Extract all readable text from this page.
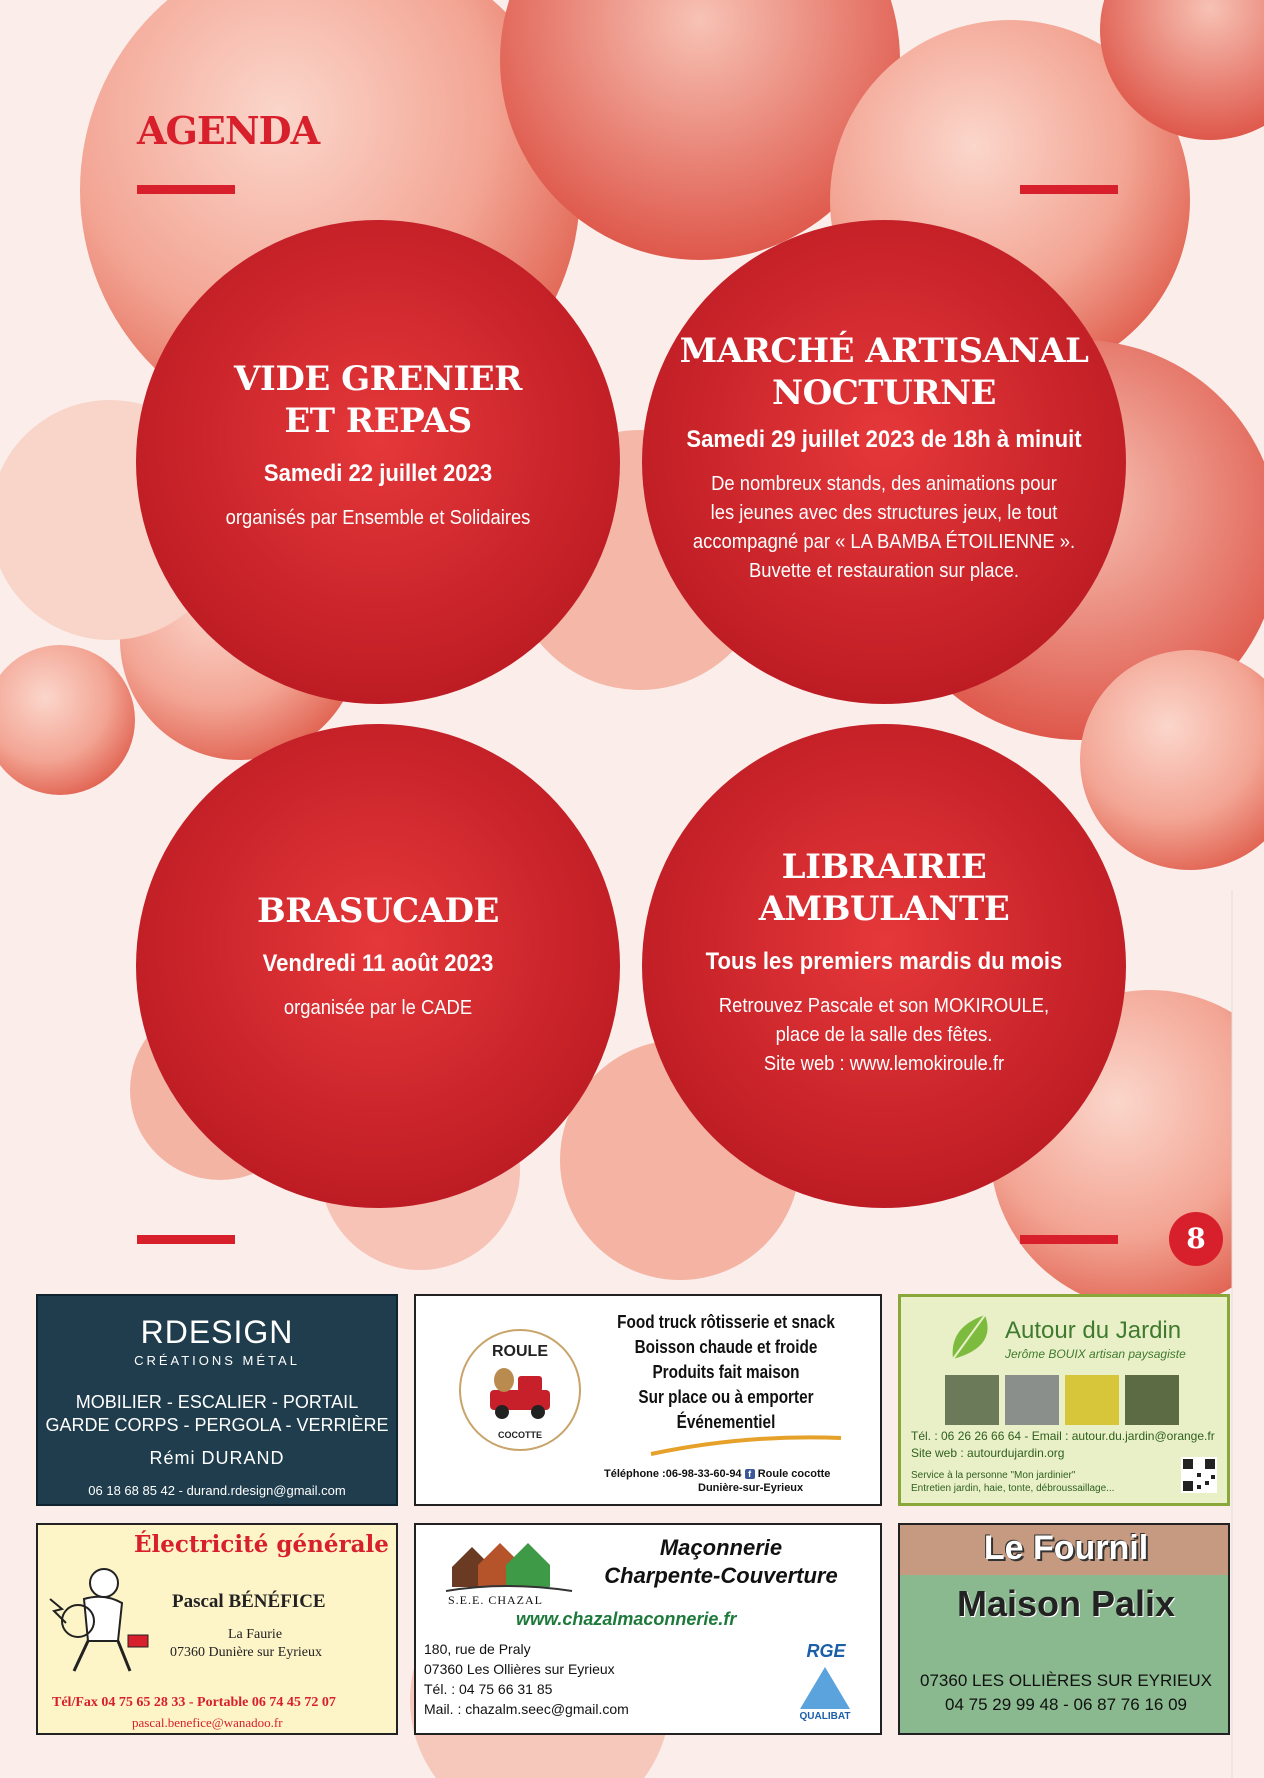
AGENDA
VIDE GRENIER
ET REPAS
Samedi 22 juillet 2023
organisés par Ensemble et Solidaires
MARCHÉ ARTISANAL
NOCTURNE
Samedi 29 juillet 2023 de 18h à minuit
De nombreux stands, des animations pour
les jeunes avec des structures jeux, le tout
accompagné par « LA BAMBA ÉTOILIENNE ».
Buvette et restauration sur place.
BRASUCADE
Vendredi 11 août 2023
organisée par le CADE
LIBRAIRIE
AMBULANTE
Tous les premiers mardis du mois
Retrouvez Pascale et son MOKIROULE,
place de la salle des fêtes.
Site web : www.lemokiroule.fr
8
RDESIGN
CRÉATIONS MÉTAL
MOBILIER - ESCALIER - PORTAIL
GARDE CORPS - PERGOLA - VERRIÈRE
Rémi DURAND
06 18 68 85 42 - durand.rdesign@gmail.com
ROULE
COCOTTE
Food truck rôtisserie et snack
Boisson chaude et froide
Produits fait maison
Sur place ou à emporter
Événementiel
Téléphone :06-98-33-60-94 f Roule cocotte
Dunière-sur-Eyrieux
Autour du Jardin
Jerôme BOUIX artisan paysagiste
Tél. : 06 26 26 66 64 - Email : autour.du.jardin@orange.fr
Site web : autourdujardin.org
Service à la personne "Mon jardinier"
Entretien jardin, haie, tonte, débroussaillage...
Électricité générale
Pascal BÉNÉFICE
La Faurie
07360 Dunière sur Eyrieux
Tél/Fax 04 75 65 28 33 - Portable 06 74 45 72 07
pascal.benefice@wanadoo.fr
Maçonnerie
Charpente-Couverture
S.E.E. CHAZAL
www.chazalmaconnerie.fr
180, rue de Praly
07360 Les Ollières sur Eyrieux
Tél. : 04 75 66 31 85
Mail. : chazalm.seec@gmail.com
RGE
QUALIBAT
Le Fournil
Maison Palix
07360 LES OLLIÈRES SUR EYRIEUX
04 75 29 99 48 - 06 87 76 16 09
